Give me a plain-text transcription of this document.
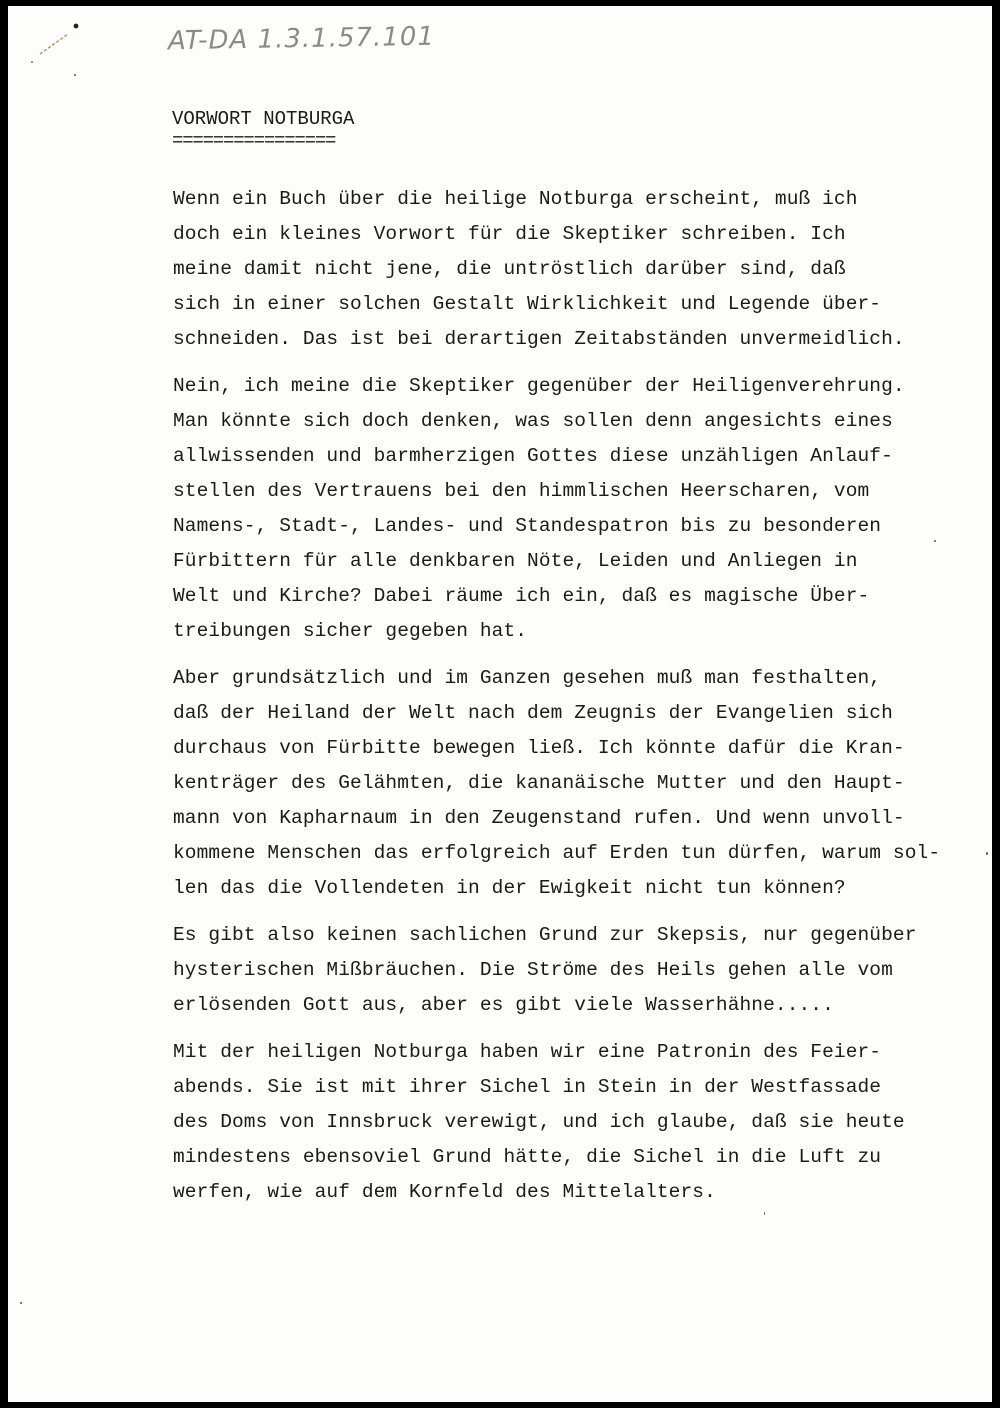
AT-DA 1.3.1.57.101
VORWORT NOTBURGA
================
Wenn ein Buch über die heilige Notburga erscheint, muß ich
doch ein kleines Vorwort für die Skeptiker schreiben. Ich
meine damit nicht jene, die untröstlich darüber sind, daß
sich in einer solchen Gestalt Wirklichkeit und Legende über-
schneiden. Das ist bei derartigen Zeitabständen unvermeidlich.
Nein, ich meine die Skeptiker gegenüber der Heiligenverehrung.
Man könnte sich doch denken, was sollen denn angesichts eines
allwissenden und barmherzigen Gottes diese unzähligen Anlauf-
stellen des Vertrauens bei den himmlischen Heerscharen, vom
Namens-, Stadt-, Landes- und Standespatron bis zu besonderen
Fürbittern für alle denkbaren Nöte, Leiden und Anliegen in
Welt und Kirche? Dabei räume ich ein, daß es magische Über-
treibungen sicher gegeben hat.
Aber grundsätzlich und im Ganzen gesehen muß man festhalten,
daß der Heiland der Welt nach dem Zeugnis der Evangelien sich
durchaus von Fürbitte bewegen ließ. Ich könnte dafür die Kran-
kenträger des Gelähmten, die kananäische Mutter und den Haupt-
mann von Kapharnaum in den Zeugenstand rufen. Und wenn unvoll-
kommene Menschen das erfolgreich auf Erden tun dürfen, warum sol-
len das die Vollendeten in der Ewigkeit nicht tun können?
Es gibt also keinen sachlichen Grund zur Skepsis, nur gegenüber
hysterischen Mißbräuchen. Die Ströme des Heils gehen alle vom
erlösenden Gott aus, aber es gibt viele Wasserhähne.....
Mit der heiligen Notburga haben wir eine Patronin des Feier-
abends. Sie ist mit ihrer Sichel in Stein in der Westfassade
des Doms von Innsbruck verewigt, und ich glaube, daß sie heute
mindestens ebensoviel Grund hätte, die Sichel in die Luft zu
werfen, wie auf dem Kornfeld des Mittelalters.
